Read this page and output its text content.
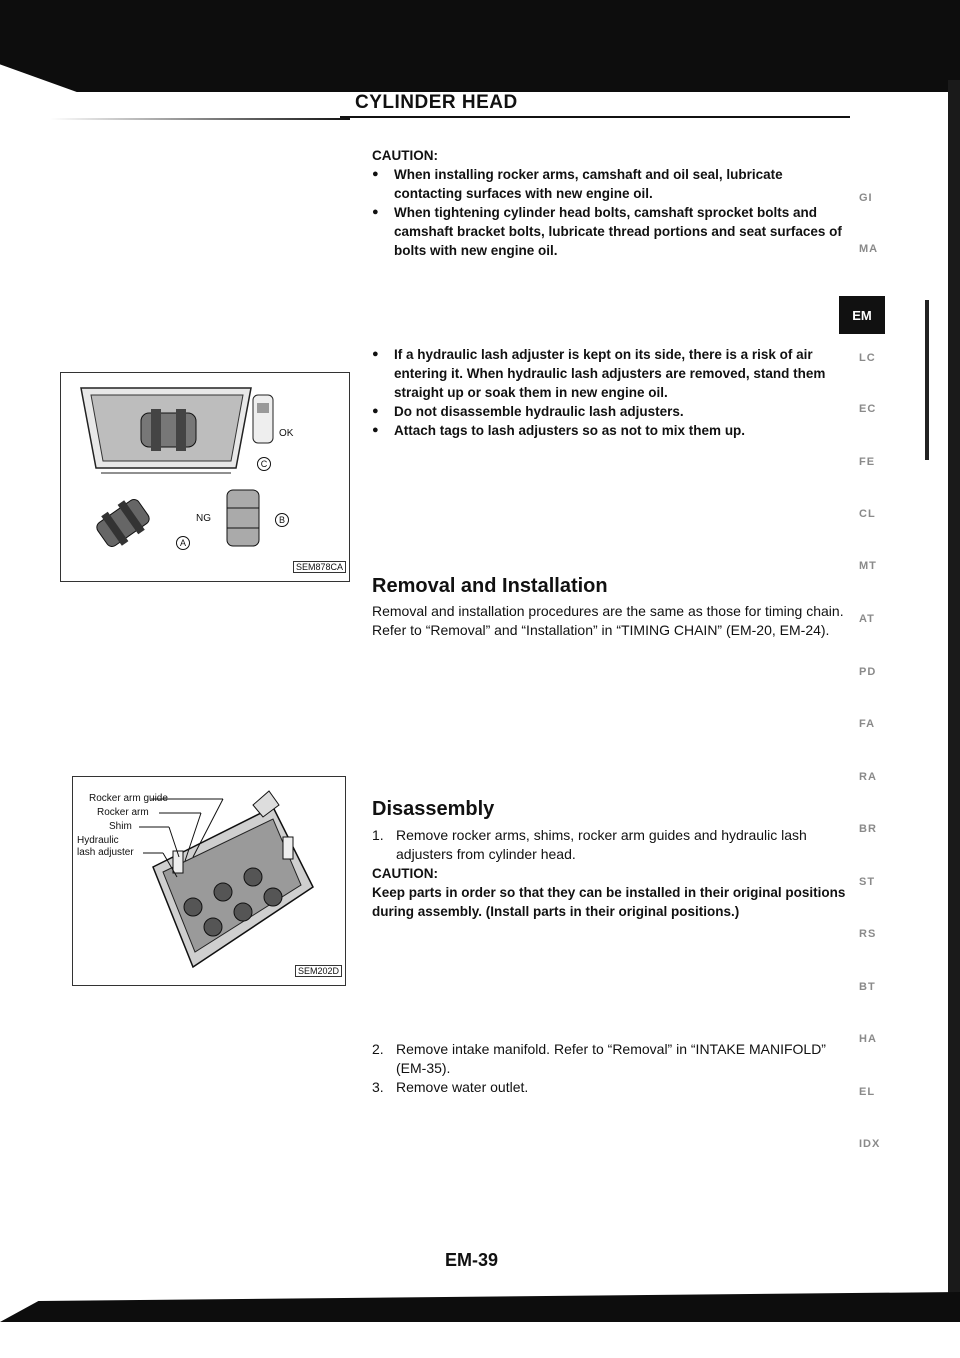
CYLINDER HEAD
CAUTION:
● When installing rocker arms, camshaft and oil seal, lubricate contacting surfaces with new engine oil.
● When tightening cylinder head bolts, camshaft sprocket bolts and camshaft bracket bolts, lubricate thread portions and seat surfaces of bolts with new engine oil.
OK
NG
A
B
C
SEM878CA
● If a hydraulic lash adjuster is kept on its side, there is a risk of air entering it. When hydraulic lash adjusters are removed, stand them straight up or soak them in new engine oil.
● Do not disassemble hydraulic lash adjusters.
● Attach tags to lash adjusters so as not to mix them up.
Removal and Installation
Removal and installation procedures are the same as those for timing chain. Refer to “Removal” and “Installation” in “TIMING CHAIN” (EM-20, EM-24).
Rocker arm guide
Rocker arm
Shim
Hydraulic
lash adjuster
SEM202D
Disassembly
1. Remove rocker arms, shims, rocker arm guides and hydraulic lash adjusters from cylinder head.
CAUTION:
Keep parts in order so that they can be installed in their original positions during assembly. (Install parts in their original positions.)
2. Remove intake manifold. Refer to “Removal” in “INTAKE MANIFOLD” (EM-35).
3. Remove water outlet.
GI
MA
EM
LC
EC
FE
CL
MT
AT
PD
FA
RA
BR
ST
RS
BT
HA
EL
IDX
EM-39
